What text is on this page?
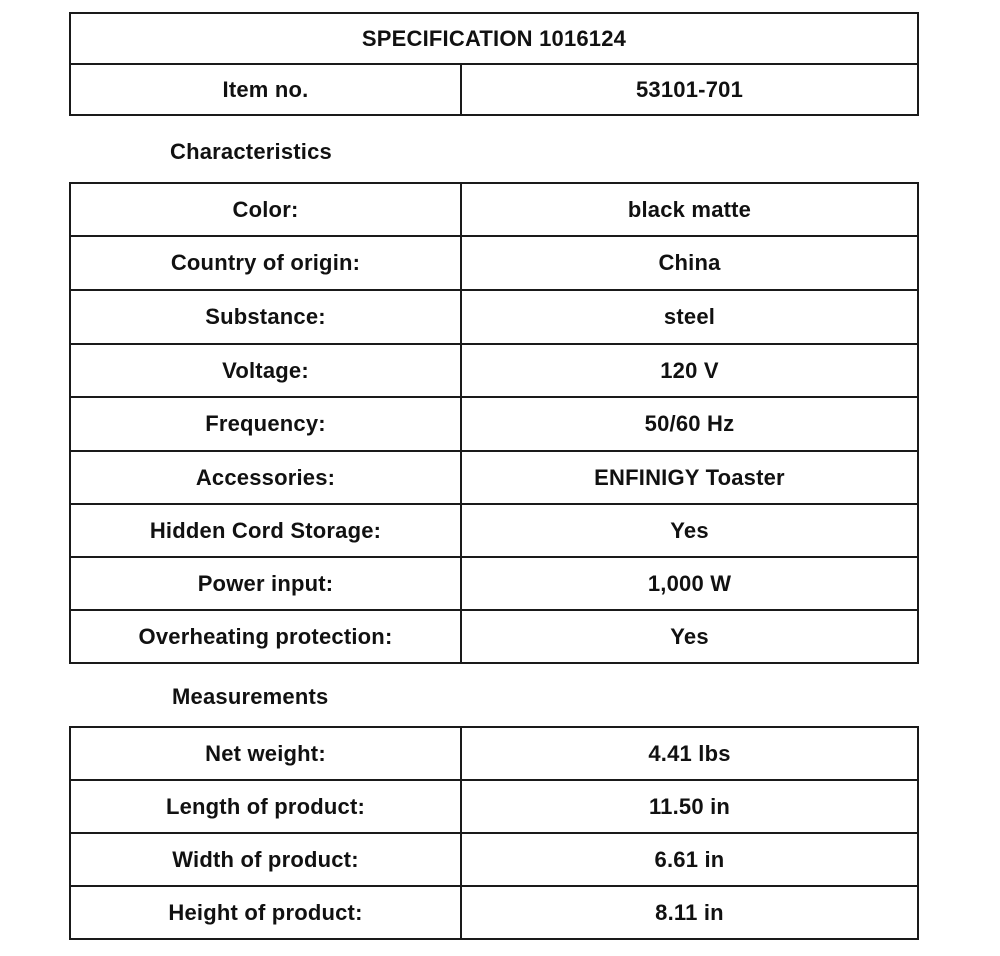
SPECIFICATION 1016124
Item no.	53101-701
Characteristics
Color:	black matte
Country of origin:	China
Substance:	steel
Voltage:	120 V
Frequency:	50/60 Hz
Accessories:	ENFINIGY Toaster
Hidden Cord Storage:	Yes
Power input:	1,000 W
Overheating protection:	Yes
Measurements
Net weight:	4.41 lbs
Length of product:	11.50 in
Width of product:	6.61 in
Height of product:	8.11 in
